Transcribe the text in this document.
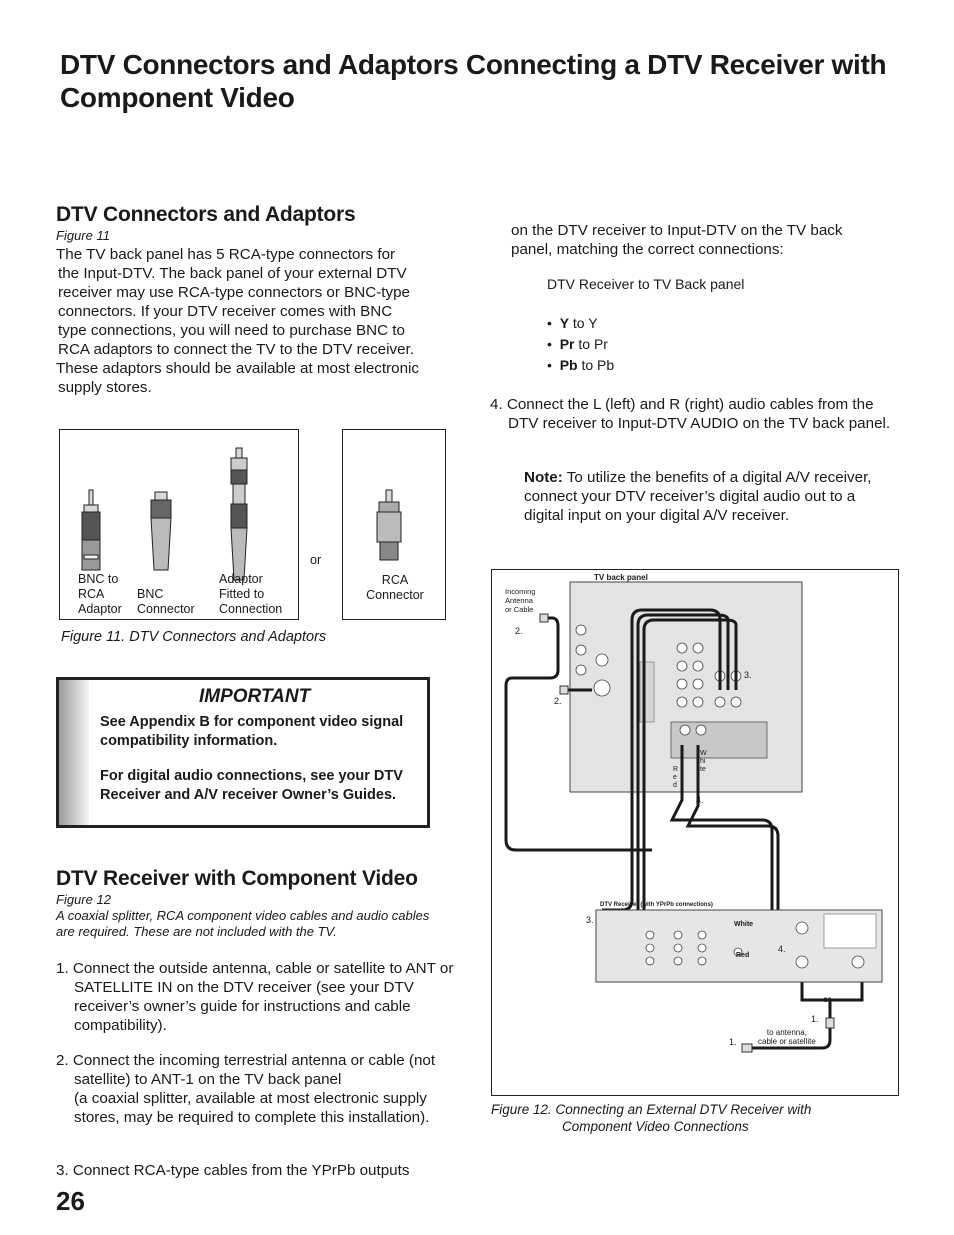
DTV Connectors and Adaptors Connecting a DTV Receiver with Component Video
DTV Connectors and Adaptors
Figure 11
The TV back panel has 5 RCA-type connectors for
the Input-DTV. The back panel of your external DTV
receiver may use RCA-type connectors or BNC-type
connectors. If your DTV receiver comes with BNC
type connections, you will need to purchase BNC to
RCA adaptors to connect the TV to the DTV receiver.
These adaptors should be available at most electronic
supply stores.
BNC to
RCA
Adaptor
BNC
Connector
Adaptor
Fitted to
Connection
or
RCA
Connector
Figure 11. DTV Connectors and Adaptors
IMPORTANT
See Appendix B for component video signal compatibility information.
For digital audio connections, see your DTV Receiver and A/V receiver Owner’s Guides.
DTV Receiver with Component Video
Figure 12
A coaxial splitter, RCA component video cables and audio cables are required. These are not included with the TV.
1. Connect the outside antenna, cable or satellite to ANT or SATELLITE IN on the DTV receiver (see your DTV receiver’s owner’s guide for instructions and cable compatibility).
2. Connect the incoming terrestrial antenna or cable (not satellite) to ANT-1 on the TV back panel
(a coaxial splitter, available at most electronic supply stores, may be required to complete this installation).
3. Connect RCA-type cables from the YPrPb outputs
on the DTV receiver to Input-DTV on the TV back panel, matching the correct connections:
DTV Receiver to TV Back panel
•  Y to Y
•  Pr to Pr
•  Pb to Pb
4. Connect the L (left) and R (right) audio cables from the DTV receiver to Input-DTV AUDIO on the TV back panel.
Note: To utilize the benefits of a digital A/V receiver, connect your DTV receiver’s digital audio out to a digital input on your digital A/V receiver.
TV back panel
Incoming
Antenna
or Cable
2.
2.
3.
3.
4.
4.
Red
White
DTV Receiver (with YPrPb connections)
White
Red
or
1.
1.
to antenna,
cable or satellite
Figure 12. Connecting an External DTV Receiver with
Component Video Connections
26
